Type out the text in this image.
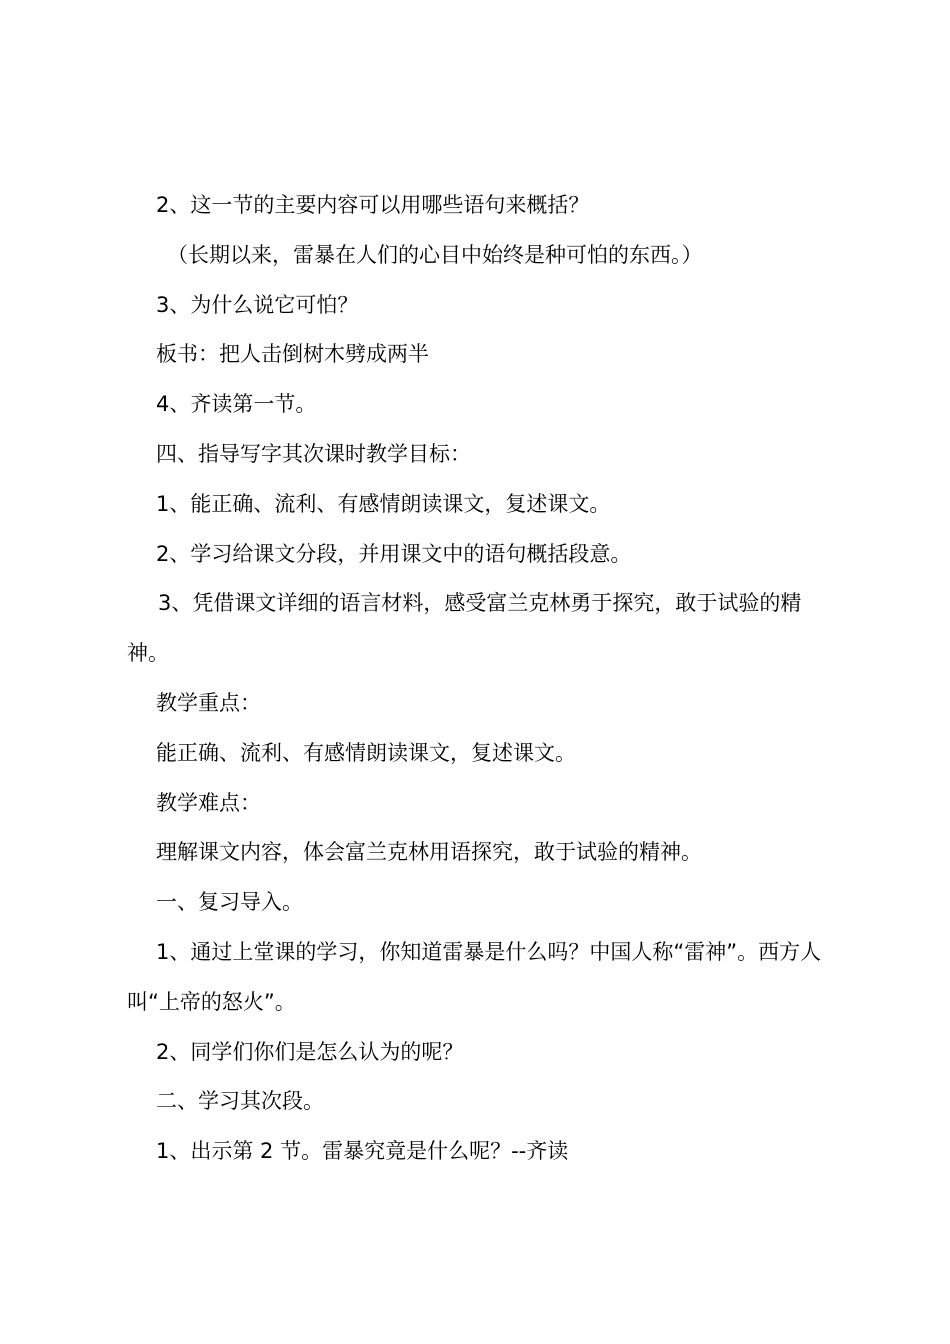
2、这一节的主要内容可以用哪些语句来概括？

（长期以来，雷暴在人们的心目中始终是种可怕的东西。）

3、为什么说它可怕？

板书：把人击倒树木劈成两半

4、齐读第一节。

四、指导写字其次课时教学目标：

1、能正确、流利、有感情朗读课文，复述课文。

2、学习给课文分段，并用课文中的语句概括段意。

3、凭借课文详细的语言材料，感受富兰克林勇于探究，敢于试验的精神。

教学重点：

能正确、流利、有感情朗读课文，复述课文。

教学难点：

理解课文内容，体会富兰克林用语探究，敢于试验的精神。

一、复习导入。

1、通过上堂课的学习，你知道雷暴是什么吗？中国人称“雷神”。西方人叫“上帝的怒火”。

2、同学们你们是怎么认为的呢？

二、学习其次段。

1、出示第 2 节。雷暴究竟是什么呢？--齐读
